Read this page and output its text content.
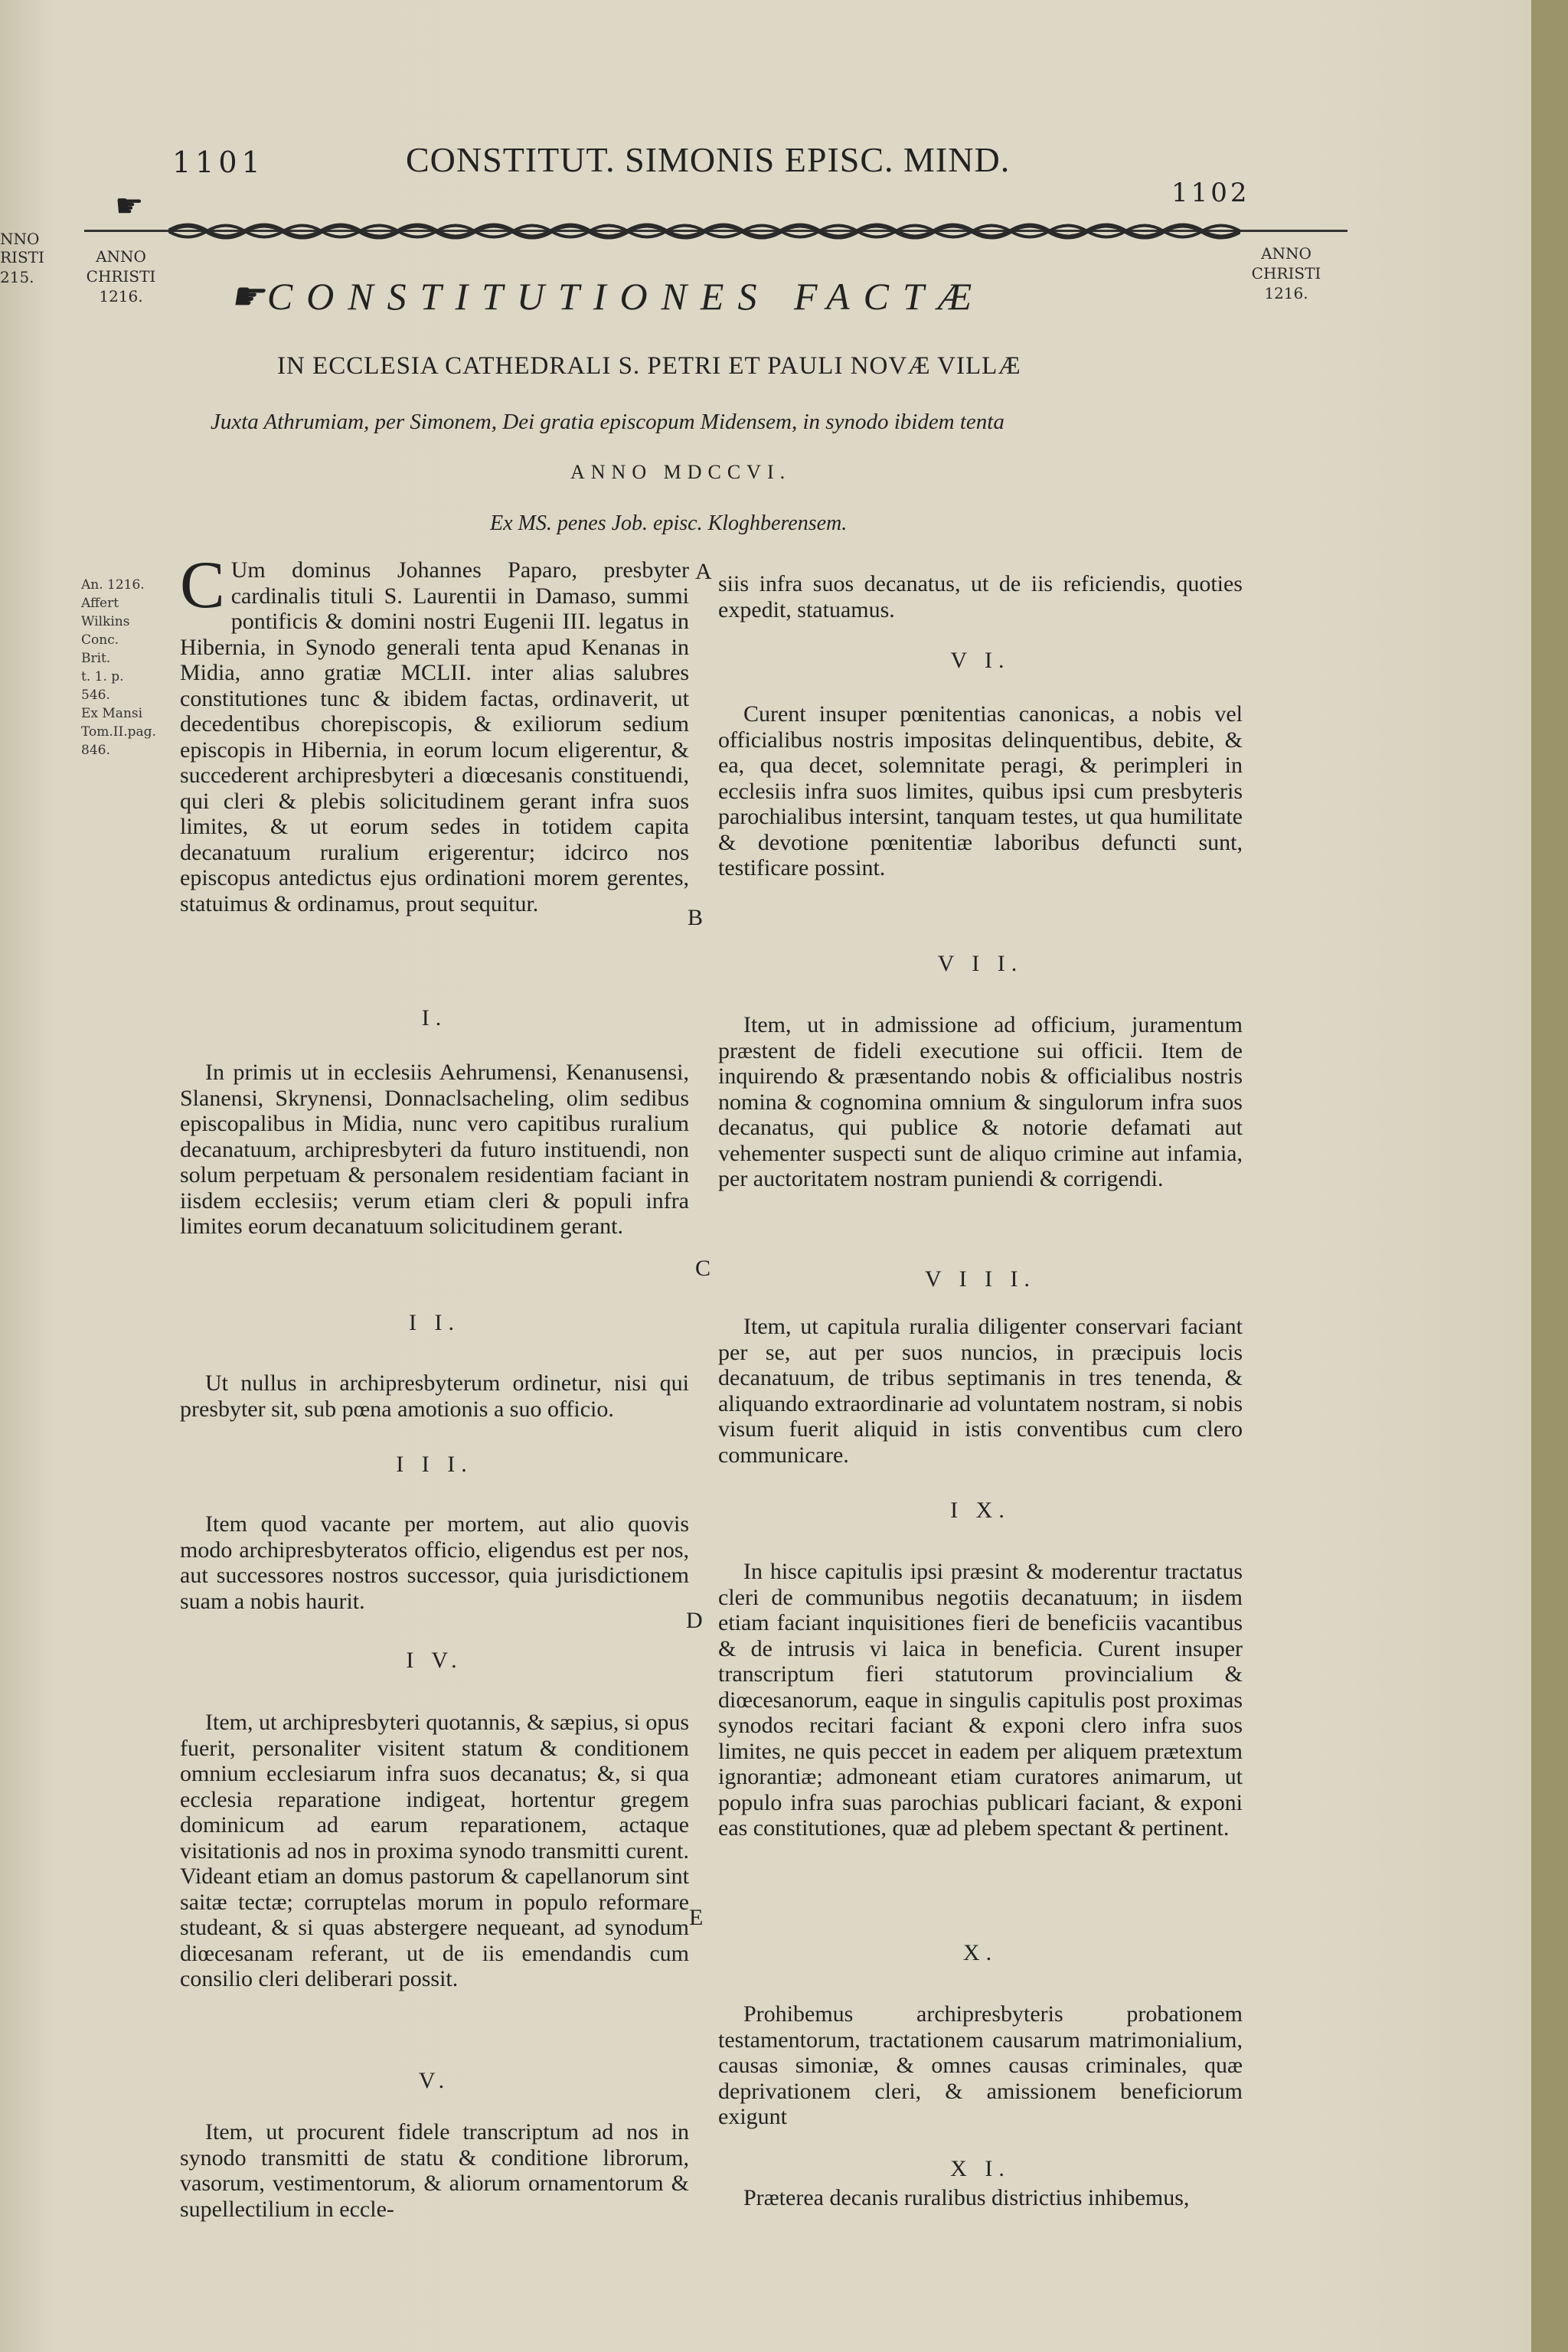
NNO
RISTI
215.
1101	CONSTITUT. SIMONIS EPISC. MIND.
1102
☛
ANNO
CHRISTI
1216.
ANNO
CHRISTI
1216.
☛CONSTITUTIONES FACTÆ
IN ECCLESIA CATHEDRALI S. PETRI ET PAULI NOVÆ VILLÆ
Juxta Athrumiam, per Simonem, Dei gratia episcopum Midensem, in synodo ibidem tenta
ANNO MDCCVI.
Ex MS. penes Job. episc. Kloghberensem.
An. 1216.
Affert
Wilkins
Conc. Brit.
t. 1. p. 546.
Ex Mansi
Tom.II.pag.
846.
A
B
C
D
E

C Um dominus Johannes Paparo, presbyter cardinalis tituli S. Laurentii in Damaso, summi pontificis & domini nostri Eugenii III. legatus in Hibernia, in Synodo generali tenta apud Kenanas in Midia, anno gratiæ MCLII. inter alias salubres constitutiones tunc & ibidem factas, ordinaverit, ut decedentibus chorepiscopis, & exiliorum sedium episcopis in Hibernia, in eorum locum eligerentur, & succederent archipresbyteri a diœcesanis constituendi, qui cleri & plebis solicitudinem gerant infra suos limites, & ut eorum sedes in totidem capita decanatuum ruralium erigerentur; idcirco nos episcopus antedictus ejus ordinationi morem gerentes, statuimus & ordinamus, prout sequitur.

I.

In primis ut in ecclesiis Aehrumensi, Kenanusensi, Slanensi, Skrynensi, Donnaclsacheling, olim sedibus episcopalibus in Midia, nunc vero capitibus ruralium decanatuum, archipresbyteri da futuro instituendi, non solum perpetuam & personalem residentiam faciant in iisdem ecclesiis; verum etiam cleri & populi infra limites eorum decanatuum solicitudinem gerant.

I I.

Ut nullus in archipresbyterum ordinetur, nisi qui presbyter sit, sub pœna amotionis a suo officio.

I I I.

Item quod vacante per mortem, aut alio quovis modo archipresbyteratos officio, eligendus est per nos, aut successores nostros successor, quia jurisdictionem suam a nobis haurit.

I V.

Item, ut archipresbyteri quotannis, & sæpius, si opus fuerit, personaliter visitent statum & conditionem omnium ecclesiarum infra suos decanatus; &, si qua ecclesia reparatione indigeat, hortentur gregem dominicum ad earum reparationem, actaque visitationis ad nos in proxima synodo transmitti curent. Videant etiam an domus pastorum & capellanorum sint saitæ tectæ; corruptelas morum in populo reformare studeant, & si quas abstergere nequeant, ad synodum diœcesanam referant, ut de iis emendandis cum consilio cleri deliberari possit.

V.

Item, ut procurent fidele transcriptum ad nos in synodo transmitti de statu & conditione librorum, vasorum, vestimentorum, & aliorum ornamentorum & supellectilium in eccle-

siis infra suos decanatus, ut de iis reficiendis, quoties expedit, statuamus.

V I.

Curent insuper pœnitentias canonicas, a nobis vel officialibus nostris impositas delinquentibus, debite, & ea, qua decet, solemnitate peragi, & perimpleri in ecclesiis infra suos limites, quibus ipsi cum presbyteris parochialibus intersint, tanquam testes, ut qua humilitate & devotione pœnitentiæ laboribus defuncti sunt, testificare possint.

V I I.

Item, ut in admissione ad officium, juramentum præstent de fideli executione sui officii. Item de inquirendo & præsentando nobis & officialibus nostris nomina & cognomina omnium & singulorum infra suos decanatus, qui publice & notorie defamati aut vehementer suspecti sunt de aliquo crimine aut infamia, per auctoritatem nostram puniendi & corrigendi.

V I I I.

Item, ut capitula ruralia diligenter conservari faciant per se, aut per suos nuncios, in præcipuis locis decanatuum, de tribus septimanis in tres tenenda, & aliquando extraordinarie ad voluntatem nostram, si nobis visum fuerit aliquid in istis conventibus cum clero communicare.

I X.

In hisce capitulis ipsi præsint & moderentur tractatus cleri de communibus negotiis decanatuum; in iisdem etiam faciant inquisitiones fieri de beneficiis vacantibus & de intrusis vi laica in beneficia. Curent insuper transcriptum fieri statutorum provincialium & diœcesanorum, eaque in singulis capitulis post proximas synodos recitari faciant & exponi clero infra suos limites, ne quis peccet in eadem per aliquem prætextum ignorantiæ; admoneant etiam curatores animarum, ut populo infra suas parochias publicari faciant, & exponi eas constitutiones, quæ ad plebem spectant & pertinent.

X.

Prohibemus archipresbyteris probationem testamentorum, tractationem causarum matrimonialium, causas simoniæ, & omnes causas criminales, quæ deprivationem cleri, & amissionem beneficiorum exigunt

X I.

Præterea decanis ruralibus districtius inhibemus,
